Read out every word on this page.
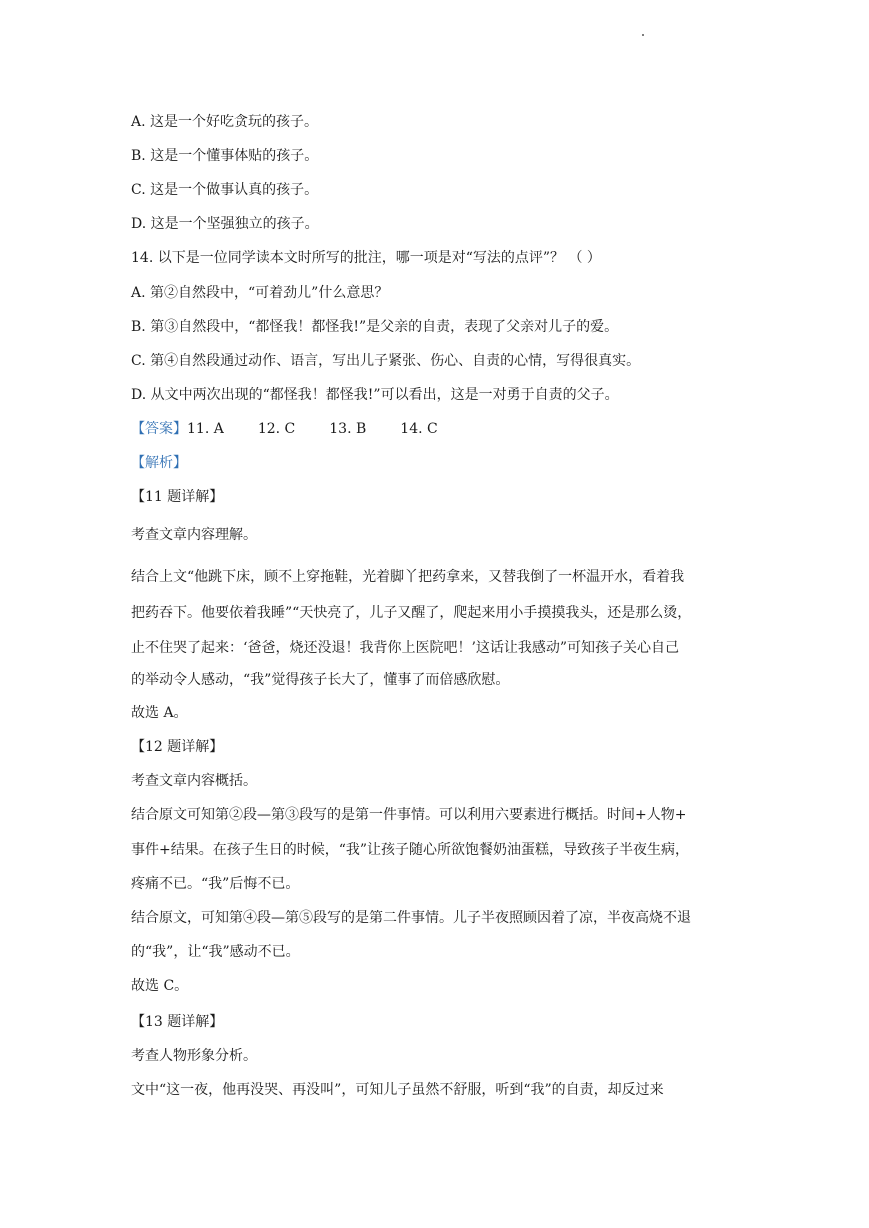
A. 这是一个好吃贪玩的孩子。
B. 这是一个懂事体贴的孩子。
C. 这是一个做事认真的孩子。
D. 这是一个坚强独立的孩子。
14. 以下是一位同学读本文时所写的批注，哪一项是对“写法的点评”？ （ ）
A. 第②自然段中，“可着劲儿”什么意思？
B. 第③自然段中，“都怪我！都怪我!”是父亲的自责，表现了父亲对儿子的爱。
C. 第④自然段通过动作、语言，写出儿子紧张、伤心、自责的心情，写得很真实。
D. 从文中两次出现的“都怪我！都怪我!”可以看出，这是一对勇于自责的父子。
【答案】11. A 12. C 13. B 14. C
【解析】
【11 题详解】
考查文章内容理解。
结合上文“他跳下床，顾不上穿拖鞋，光着脚丫把药拿来，又替我倒了一杯温开水，看着我
把药吞下。他要依着我睡”“天快亮了，儿子又醒了，爬起来用小手摸摸我头，还是那么烫，
止不住哭了起来：‘爸爸，烧还没退！我背你上医院吧！’这话让我感动”可知孩子关心自己
的举动令人感动，“我”觉得孩子长大了，懂事了而倍感欣慰。
故选 A。
【12 题详解】
考查文章内容概括。
结合原文可知第②段—第③段写的是第一件事情。可以利用六要素进行概括。时间+人物+
事件+结果。在孩子生日的时候，“我”让孩子随心所欲饱餐奶油蛋糕，导致孩子半夜生病，
疼痛不已。“我”后悔不已。
结合原文，可知第④段—第⑤段写的是第二件事情。儿子半夜照顾因着了凉，半夜高烧不退
的“我”，让“我”感动不已。
故选 C。
【13 题详解】
考查人物形象分析。
文中“这一夜，他再没哭、再没叫”，可知儿子虽然不舒服，听到“我”的自责，却反过来
